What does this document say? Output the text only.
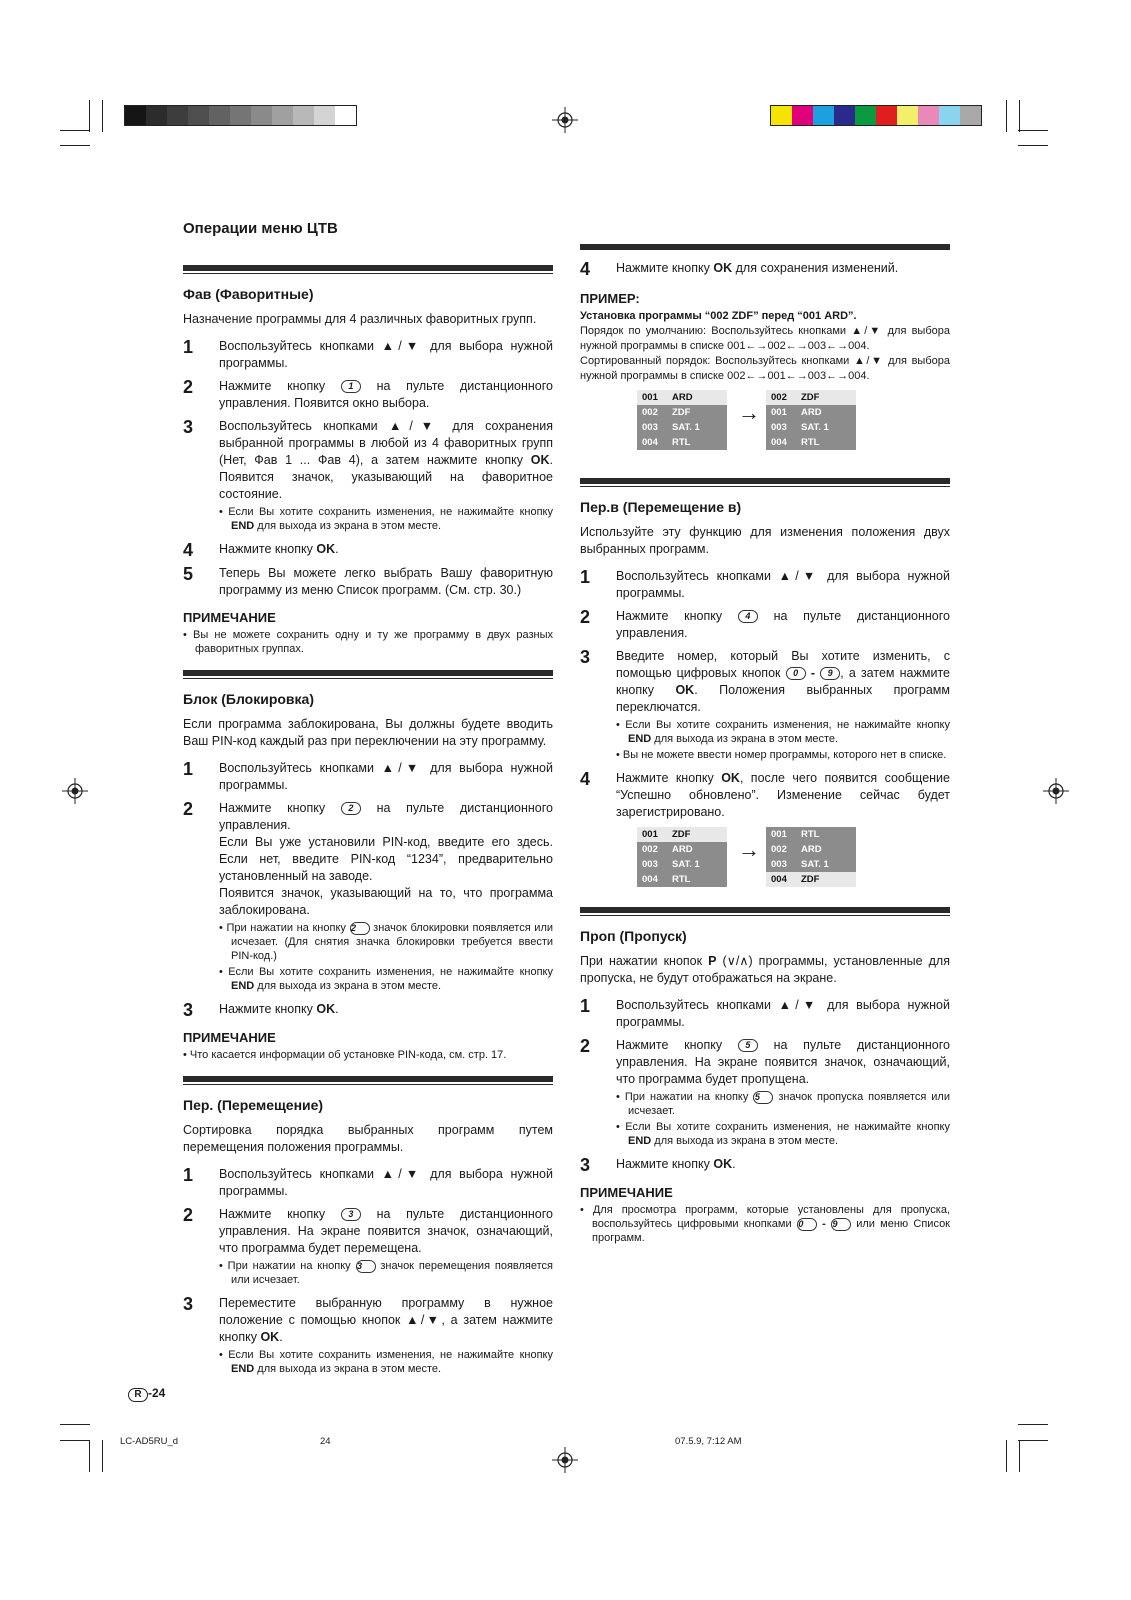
Операции меню ЦТВ
Фав (Фаворитные)

Назначение программы для 4 различных фаворитных групп.

1	Воспользуйтесь кнопками ▲/▼ для выбора нужной программы.
2	Нажмите кнопку	1 на пульте дистанционного управления. Появится окно выбора.
3	Воспользуйтесь кнопками ▲/▼ для сохранения выбранной программы в любой из 4 фаворитных групп (Нет, Фав 1 ... Фав 4), а затем нажмите кнопку OK. Появится значок, указывающий на фаворитное состояние.
• Если Вы хотите сохранить изменения, не нажимайте кнопку END для выхода из экрана в этом месте.
4	Нажмите кнопку OK.
5	Теперь Вы можете легко выбрать Вашу фаворитную программу из меню Список программ. (См. стр. 30.)
ПРИМЕЧАНИЕ

• Вы не можете сохранить одну и ту же программу в двух разных фаворитных группах.

Блок (Блокировка)

Если программа заблокирована, Вы должны будете вводить Ваш PIN-код каждый раз при переключении на эту программу.

1	Воспользуйтесь кнопками ▲/▼ для выбора нужной программы.
2	Нажмите кнопку	2 на пульте дистанционного управления.
Если Вы уже установили PIN-код, введите его здесь. Если нет, введите PIN-код “1234”, предварительно установленный на заводе.
Появится значок, указывающий на то, что программа заблокирована.
• При нажатии на кнопку 2 значок блокировки появляется или исчезает. (Для снятия значка блокировки требуется ввести PIN-код.)
• Если Вы хотите сохранить изменения, не нажимайте кнопку END для выхода из экрана в этом месте.
3	Нажмите кнопку OK.
ПРИМЕЧАНИЕ

• Что касается информации об установке PIN-кода, см. стр. 17.

Пер. (Перемещение)

Сортировка порядка выбранных программ путем перемещения положения программы.

1	Воспользуйтесь кнопками ▲/▼ для выбора нужной программы.
2	Нажмите кнопку	3 на пульте дистанционного управления. На экране появится значок, означающий, что программа будет перемещена.
• При нажатии на кнопку 3 значок перемещения появляется или исчезает.
3	Переместите выбранную программу в нужное положение с помощью кнопок ▲/▼, а затем нажмите кнопку OK.
• Если Вы хотите сохранить изменения, не нажимайте кнопку END для выхода из экрана в этом месте.
4	Нажмите кнопку OK для сохранения изменений.
ПРИМЕР:

Установка программы “002 ZDF” перед “001 ARD”.

Порядок по умолчанию: Воспользуйтесь кнопками ▲/▼ для выбора нужной программы в списке 001←→002←→003←→004.

Сортированный порядок: Воспользуйтесь кнопками ▲/▼ для выбора нужной программы в списке 002←→001←→003←→004.

001	ARD
002	ZDF
003	SAT. 1
004	RTL
→
002	ZDF
001	ARD
003	SAT. 1
004	RTL
Пер.в (Перемещение в)

Используйте эту функцию для изменения положения двух выбранных программ.

1	Воспользуйтесь кнопками ▲/▼ для выбора нужной программы.
2	Нажмите кнопку	4 на пульте дистанционного управления.
3	Введите номер, который Вы хотите изменить, с помощью цифровых кнопок 0 - 9 , а затем нажмите кнопку OK. Положения выбранных программ переключатся.
• Если Вы хотите сохранить изменения, не нажимайте кнопку END для выхода из экрана в этом месте.
• Вы не можете ввести номер программы, которого нет в списке.
4	Нажмите кнопку OK, после чего появится сообщение “Успешно обновлено”. Изменение сейчас будет зарегистрировано.
001	ZDF
002	ARD
003	SAT. 1
004	RTL
→
001	RTL
002	ARD
003	SAT. 1
004	ZDF
Проп (Пропуск)

При нажатии кнопок P (∨/∧) программы, установленные для пропуска, не будут отображаться на экране.

1	Воспользуйтесь кнопками ▲/▼ для выбора нужной программы.
2	Нажмите кнопку	5 на пульте дистанционного управления. На экране появится значок, означающий, что программа будет пропущена.
• При нажатии на кнопку 5 значок пропуска появляется или исчезает.
• Если Вы хотите сохранить изменения, не нажимайте кнопку END для выхода из экрана в этом месте.
3	Нажмите кнопку OK.
ПРИМЕЧАНИЕ

• Для просмотра программ, которые установлены для пропуска, воспользуйтесь цифровыми кнопками 0 - 9 или меню Список программ.

R -24
LC-AD5RU_d	24	07.5.9, 7:12 AM
